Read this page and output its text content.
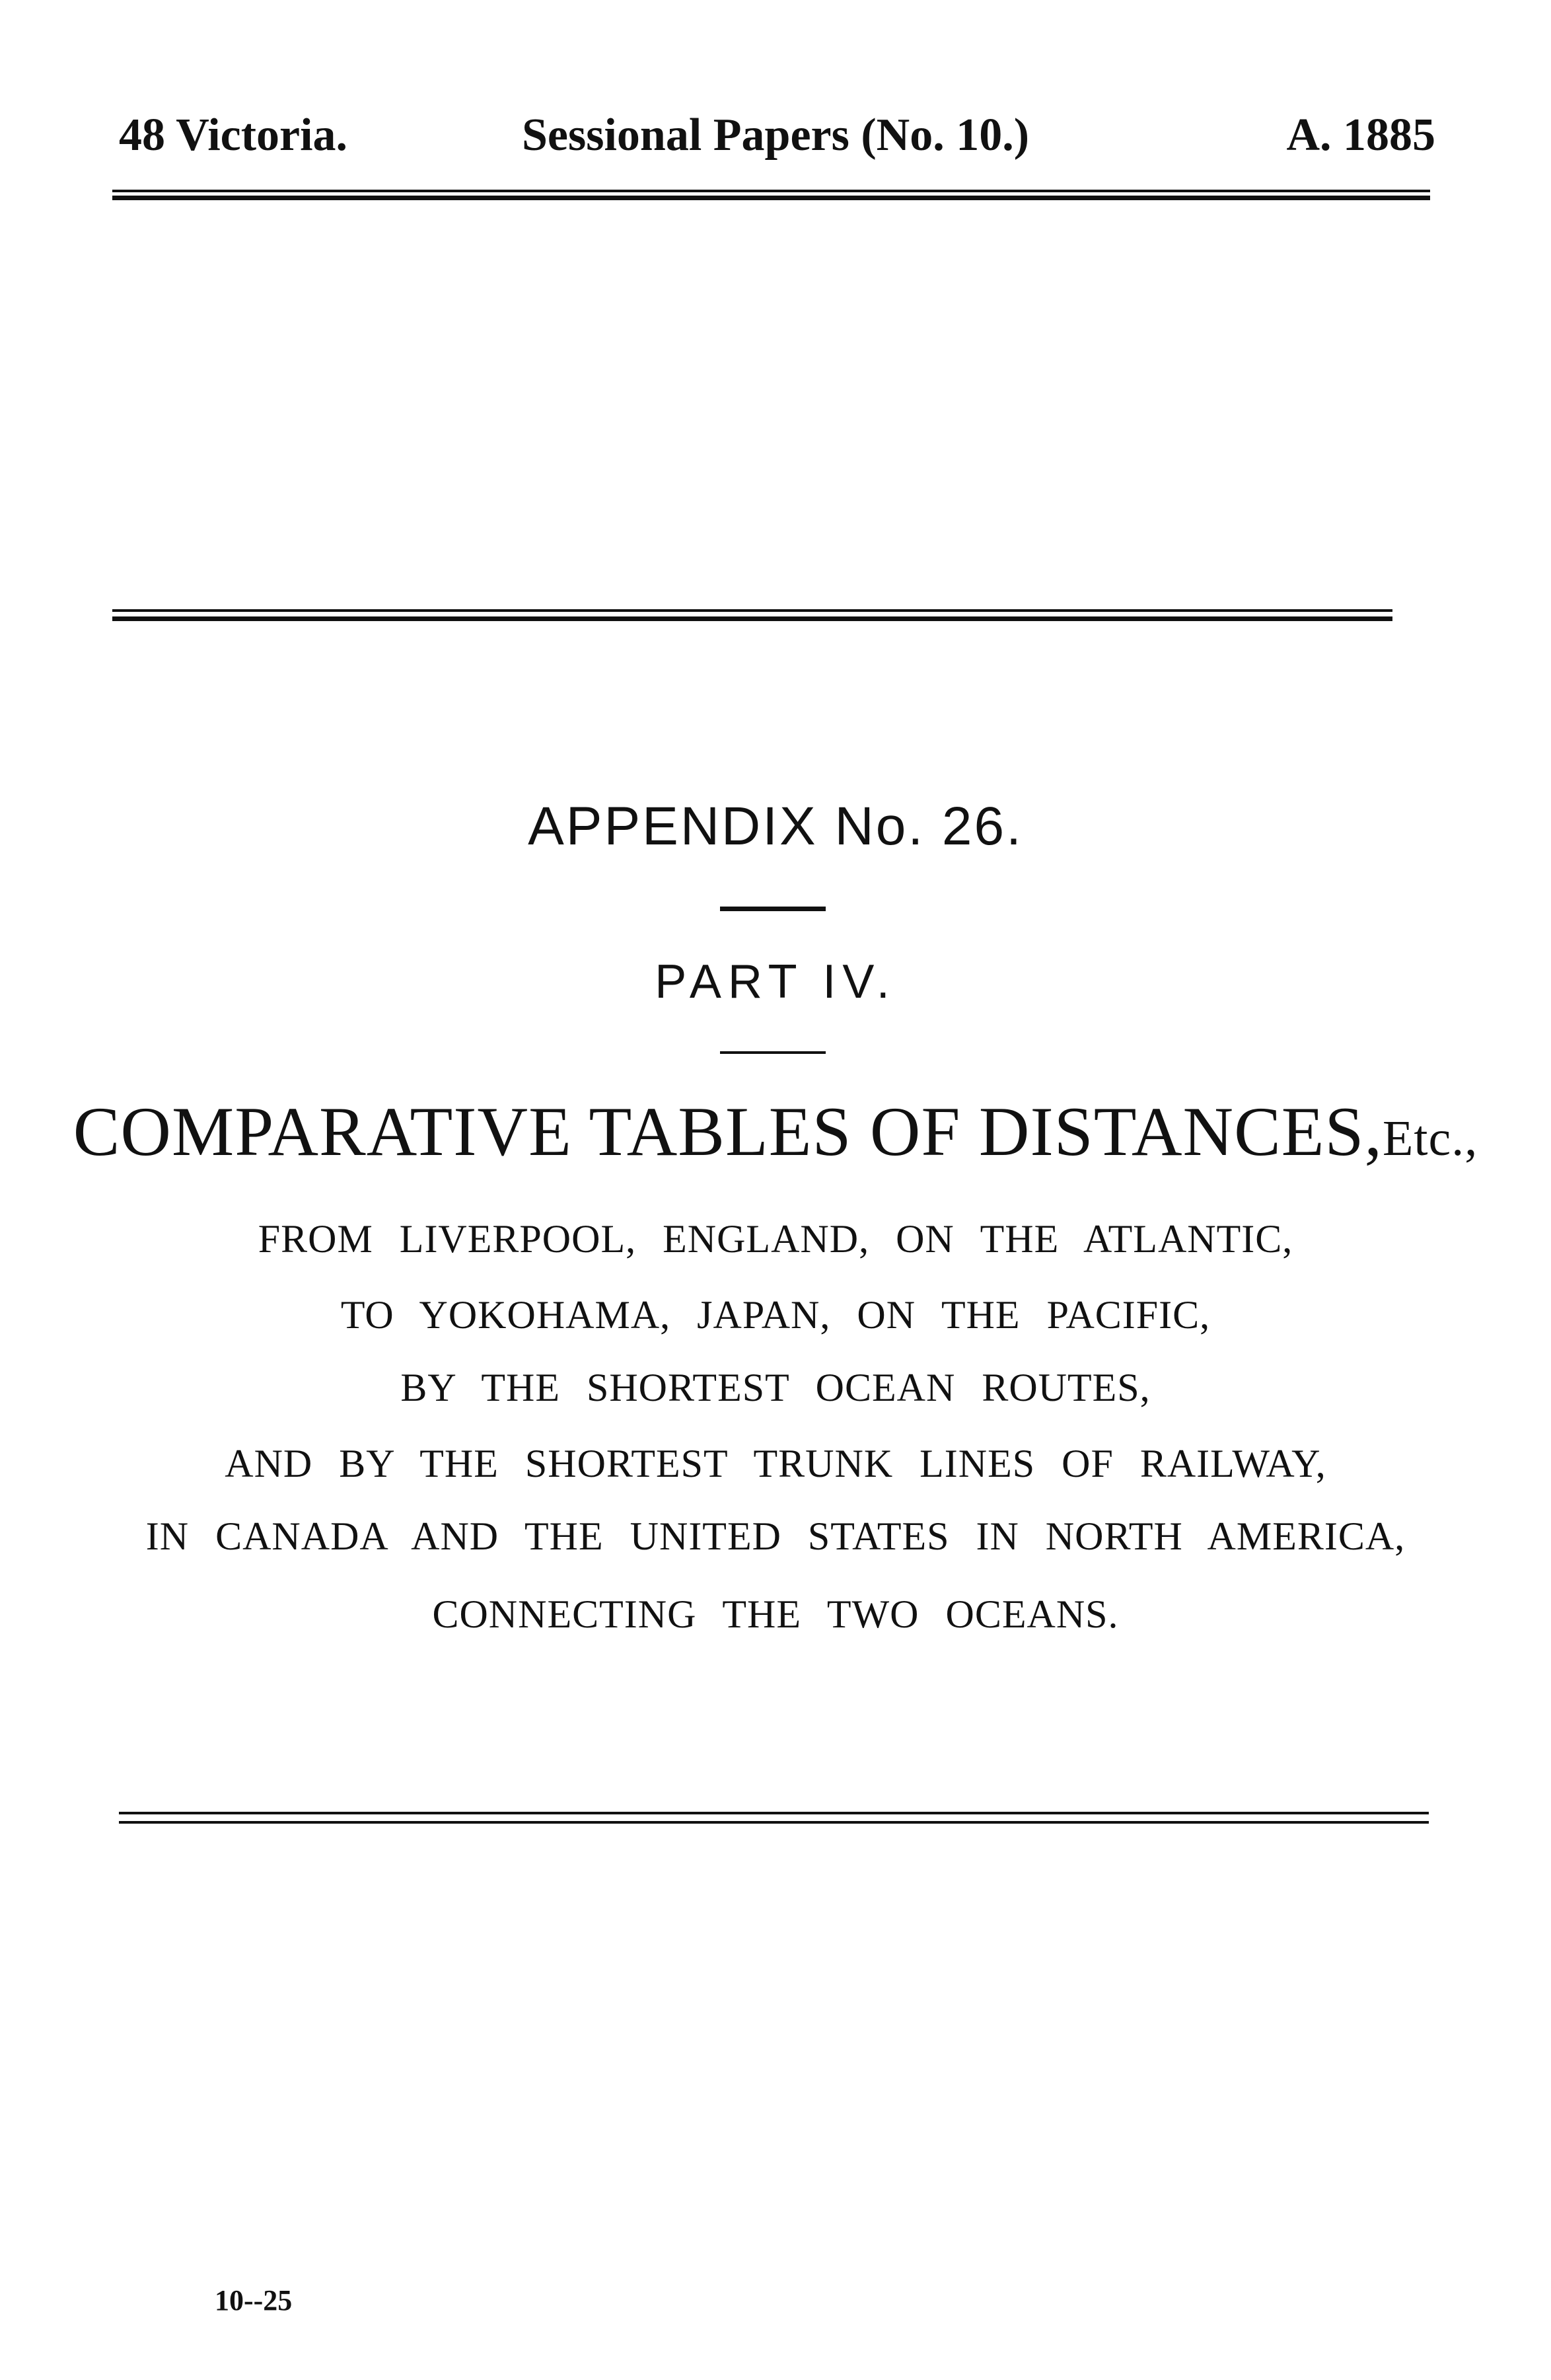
48 Victoria.	Sessional Papers (No. 10.)	A. 1885
APPENDIX No. 26.
PART IV.
COMPARATIVE TABLES OF DISTANCES,Etc.,
FROM LIVERPOOL, ENGLAND, ON THE ATLANTIC,
TO YOKOHAMA, JAPAN, ON THE PACIFIC,
BY THE SHORTEST OCEAN ROUTES,
AND BY THE SHORTEST TRUNK LINES OF RAILWAY,
IN CANADA AND THE UNITED STATES IN NORTH AMERICA,
CONNECTING THE TWO OCEANS.
10--25
